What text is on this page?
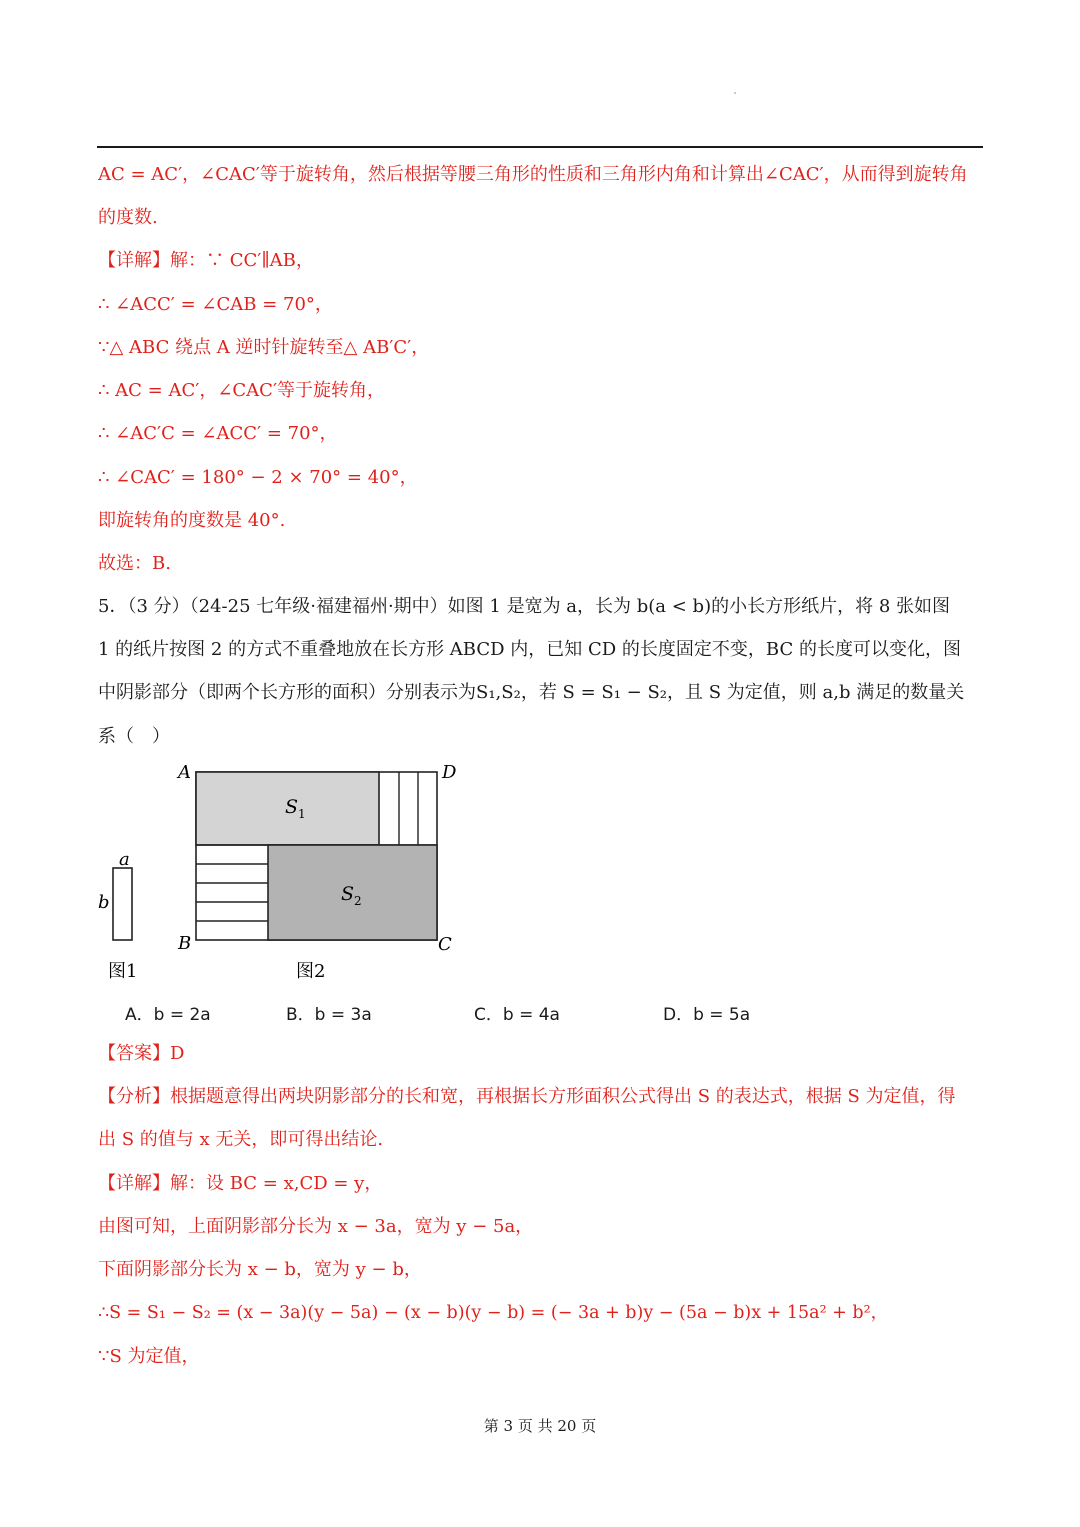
AC = AC′，∠CAC′等于旋转角，然后根据等腰三角形的性质和三角形内角和计算出∠CAC′，从而得到旋转角
的度数.
【详解】解：∵ CC′∥AB，
∴ ∠ACC′ = ∠CAB = 70°，
∵△ ABC 绕点 A 逆时针旋转至△ AB′C′，
∴ AC = AC′，∠CAC′等于旋转角，
∴ ∠AC′C = ∠ACC′ = 70°，
∴ ∠CAC′ = 180° − 2 × 70° = 40°，
即旋转角的度数是 40°.
故选：B.
5．（3 分）（24-25 七年级·福建福州·期中）如图 1 是宽为 a，长为 b(a < b)的小长方形纸片，将 8 张如图
1 的纸片按图 2 的方式不重叠地放在长方形 ABCD 内，已知 CD 的长度固定不变，BC 的长度可以变化，图
中阴影部分（即两个长方形的面积）分别表示为S₁,S₂，若 S = S₁ − S₂，且 S 为定值，则 a,b 满足的数量关
系（　）
a
b
图1
A	D
B	C
$S_1$
$S_2$
图2
A．b = 2a	B．b = 3a	C．b = 4a	D．b = 5a
【答案】D
【分析】根据题意得出两块阴影部分的长和宽，再根据长方形面积公式得出 S 的表达式，根据 S 为定值，得
出 S 的值与 x 无关，即可得出结论.
【详解】解：设 BC = x,CD = y，
由图可知，上面阴影部分长为 x − 3a，宽为 y − 5a，
下面阴影部分长为 x − b，宽为 y − b，
∴S = S₁ − S₂ = (x − 3a)(y − 5a) − (x − b)(y − b) = (− 3a + b)y − (5a − b)x + 15a² + b²，
∵S 为定值，
第 3 页 共 20 页
